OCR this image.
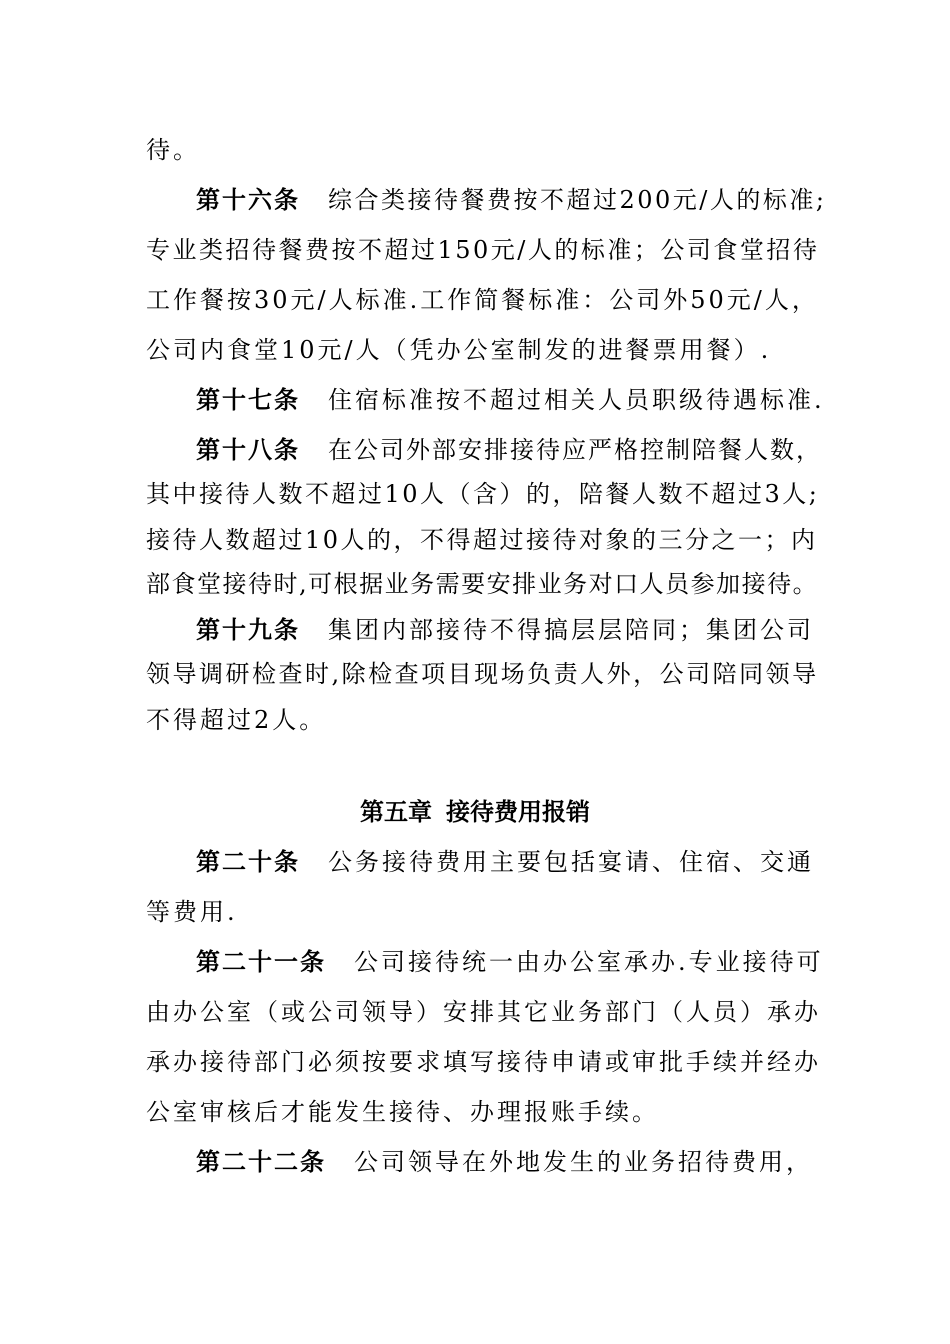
待。
第十六条 综合类接待餐费按不超过200元/人的标准;
专业类招待餐费按不超过150元/人的标准；公司食堂招待
工作餐按30元/人标准.工作简餐标准：公司外50元/人，
公司内食堂10元/人（凭办公室制发的进餐票用餐）.
第十七条 住宿标准按不超过相关人员职级待遇标准.
第十八条 在公司外部安排接待应严格控制陪餐人数，
其中接待人数不超过10人（含）的，陪餐人数不超过3人;
接待人数超过10人的，不得超过接待对象的三分之一；内
部食堂接待时,可根据业务需要安排业务对口人员参加接待。
第十九条 集团内部接待不得搞层层陪同；集团公司
领导调研检查时,除检查项目现场负责人外，公司陪同领导
不得超过2人。
第五章 接待费用报销
第二十条 公务接待费用主要包括宴请、住宿、交通
等费用.
第二十一条 公司接待统一由办公室承办.专业接待可
由办公室（或公司领导）安排其它业务部门（人员）承办
承办接待部门必须按要求填写接待申请或审批手续并经办
公室审核后才能发生接待、办理报账手续。
第二十二条 公司领导在外地发生的业务招待费用，
